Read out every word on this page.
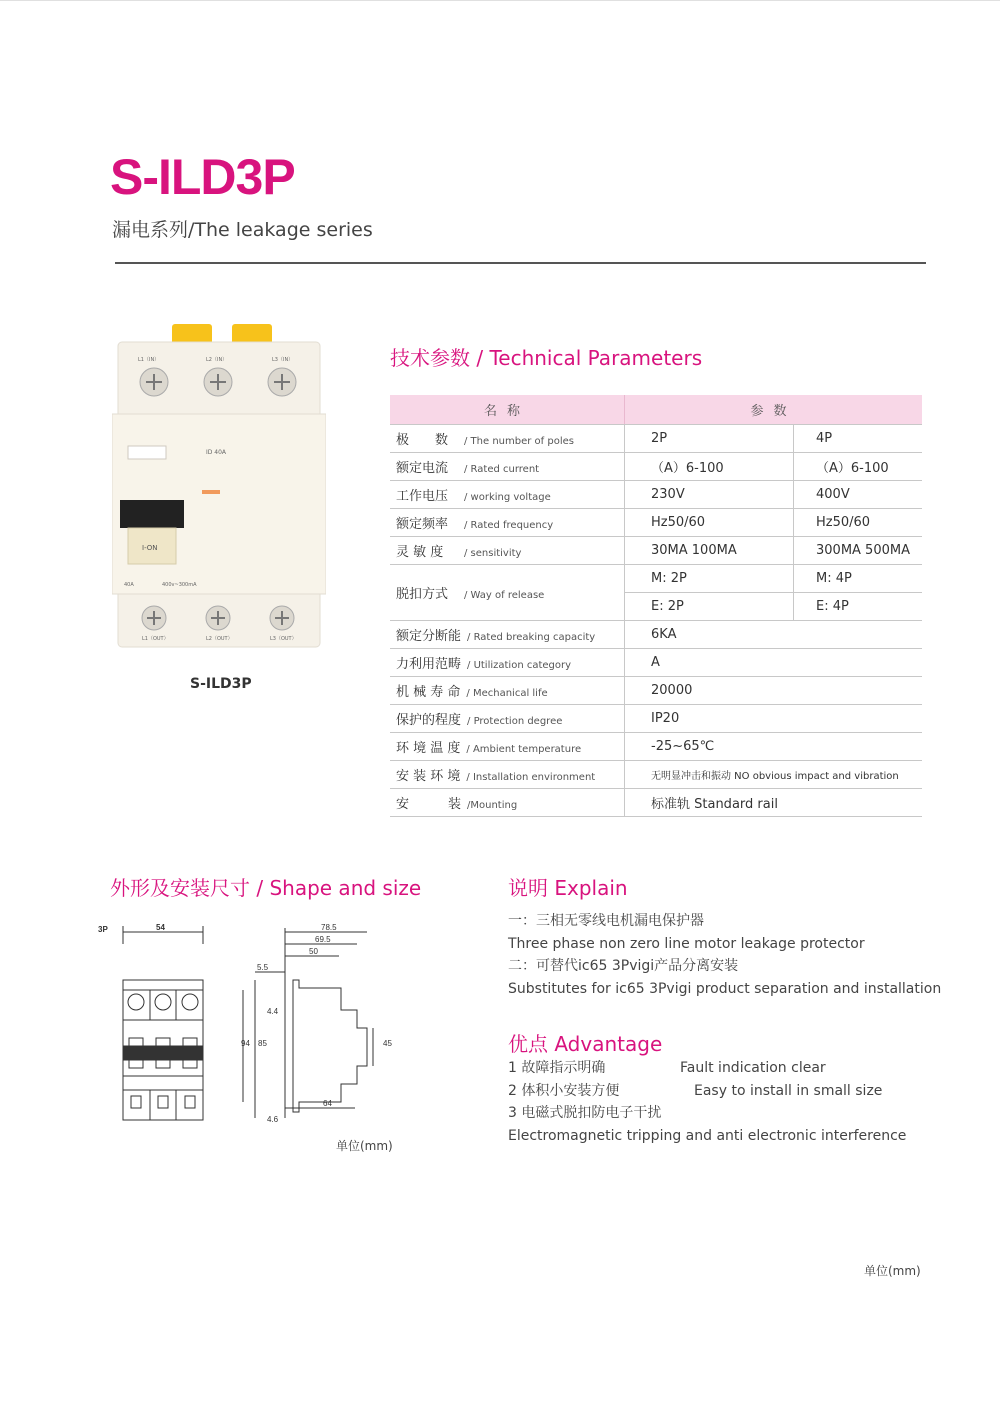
S-ILD3P
漏电系列/The leakage series
L1（IN）	L2（IN）	L3（IN）
ID 40A
I-ON
40A	400v~300mA
L1（OUT）	L2（OUT）	L3（OUT）
S-ILD3P
技术参数 / Technical Parameters
名称	参数	
极　　数 / The number of poles	2P	4P
额定电流 / Rated current	（A）6-100	（A）6-100
工作电压 / working voltage	230V	400V
额定频率 / Rated frequency	Hz50/60	Hz50/60
灵 敏 度 / sensitivity	30MA 100MA	300MA 500MA
脱扣方式 / Way of release	M: 2P	M: 4P
	E: 2P	E: 4P
额定分断能 / Rated breaking capacity	6KA	
力利用范畴 / Utilization category	A	
机 械 寿 命 / Mechanical life	20000	
保护的程度 / Protection degree	IP20	
环 境 温 度 / Ambient temperature	-25~65℃	
安 装 环 境 / Installation environment	无明显冲击和振动 NO obvious impact and vibration	
安　　　装 /Mounting	标准轨 Standard rail	
外形及安装尺寸 / Shape and size
3P	54	78.5
69.5
50
5.5
4.4
94 85	45
64
4.6
单位(mm)
说明 Explain
一：三相无零线电机漏电保护器
Three phase non zero line motor leakage protector
二：可替代ic65 3Pvigi产品分离安装
Substitutes for ic65 3Pvigi product separation and installation
优点 Advantage
1 故障指示明确	Fault indication clear
2 体积小安装方便	Easy to install in small size
3 电磁式脱扣防电子干扰
Electromagnetic tripping and anti electronic interference
单位(mm)
